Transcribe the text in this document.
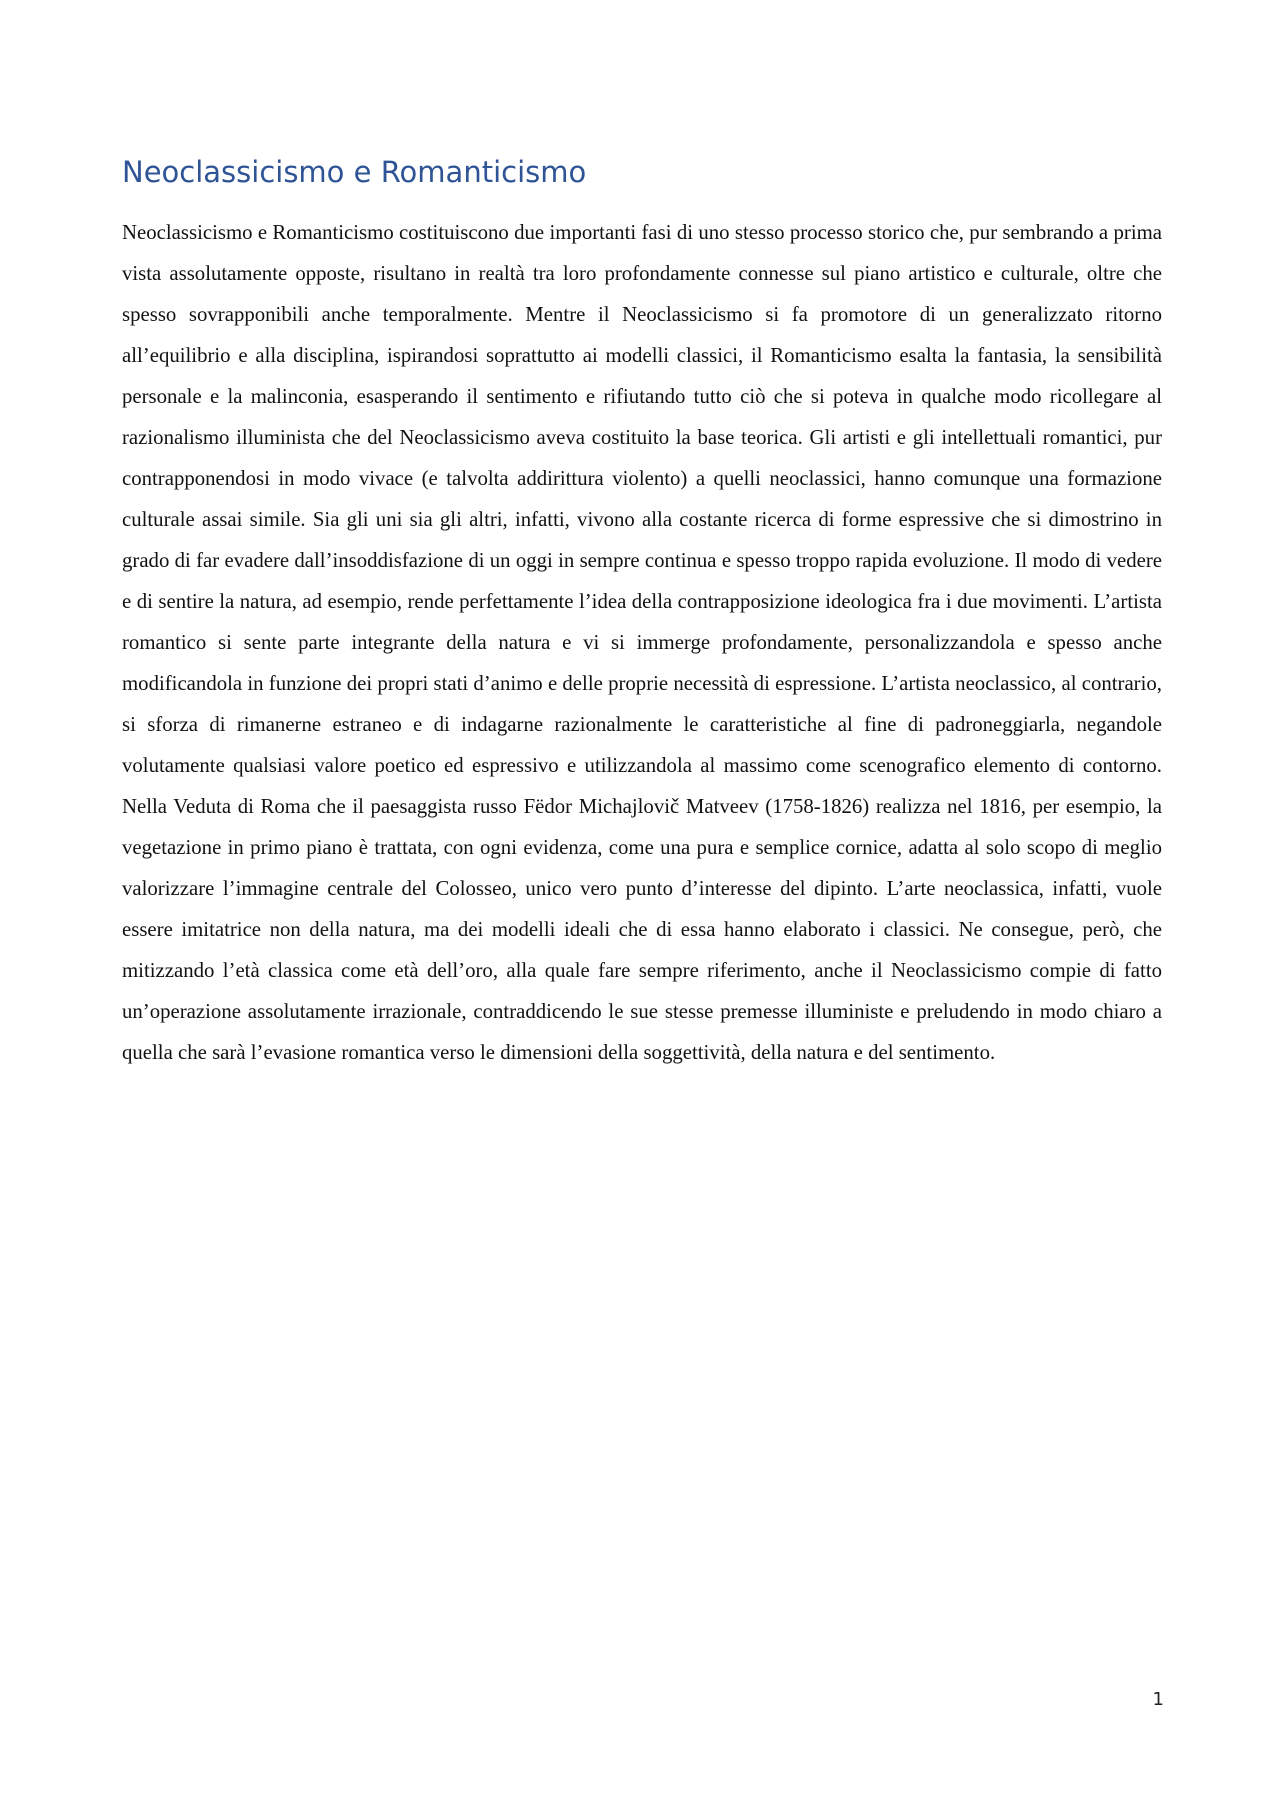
Neoclassicismo e Romanticismo

Neoclassicismo e Romanticismo costituiscono due importanti fasi di uno stesso processo storico che, pur sembrando a prima vista assolutamente opposte, risultano in realtà tra loro profondamente connesse sul piano artistico e culturale, oltre che spesso sovrapponibili anche temporalmente. Mentre il Neoclassicismo si fa promotore di un generalizzato ritorno all’equilibrio e alla disciplina, ispirandosi soprattutto ai modelli classici, il Romanticismo esalta la fantasia, la sensibilità personale e la malinconia, esasperando il sentimento e rifiutando tutto ciò che si poteva in qualche modo ricollegare al razionalismo illuminista che del Neoclassicismo aveva costituito la base teorica. Gli artisti e gli intellettuali romantici, pur contrapponendosi in modo vivace (e talvolta addirittura violento) a quelli neoclassici, hanno comunque una formazione culturale assai simile. Sia gli uni sia gli altri, infatti, vivono alla costante ricerca di forme espressive che si dimostrino in grado di far evadere dall’insoddisfazione di un oggi in sempre continua e spesso troppo rapida evoluzione. Il modo di vedere e di sentire la natura, ad esempio, rende perfettamente l’idea della contrapposizione ideologica fra i due movimenti. L’artista romantico si sente parte integrante della natura e vi si immerge profondamente, personalizzandola e spesso anche modificandola in funzione dei propri stati d’animo e delle proprie necessità di espressione. L’artista neoclassico, al contrario, si sforza di rimanerne estraneo e di indagarne razionalmente le caratteristiche al fine di padroneggiarla, negandole volutamente qualsiasi valore poetico ed espressivo e utilizzandola al massimo come scenografico elemento di contorno. Nella Veduta di Roma che il paesaggista russo Fëdor Michajlovič Matveev (1758-1826) realizza nel 1816, per esempio, la vegetazione in primo piano è trattata, con ogni evidenza, come una pura e semplice cornice, adatta al solo scopo di meglio valorizzare l’immagine centrale del Colosseo, unico vero punto d’interesse del dipinto. L’arte neoclassica, infatti, vuole essere imitatrice non della natura, ma dei modelli ideali che di essa hanno elaborato i classici. Ne consegue, però, che mitizzando l’età classica come età dell’oro, alla quale fare sempre riferimento, anche il Neoclassicismo compie di fatto un’operazione assolutamente irrazionale, contraddicendo le sue stesse premesse illuministe e preludendo in modo chiaro a quella che sarà l’evasione romantica verso le dimensioni della soggettività, della natura e del sentimento.

1
